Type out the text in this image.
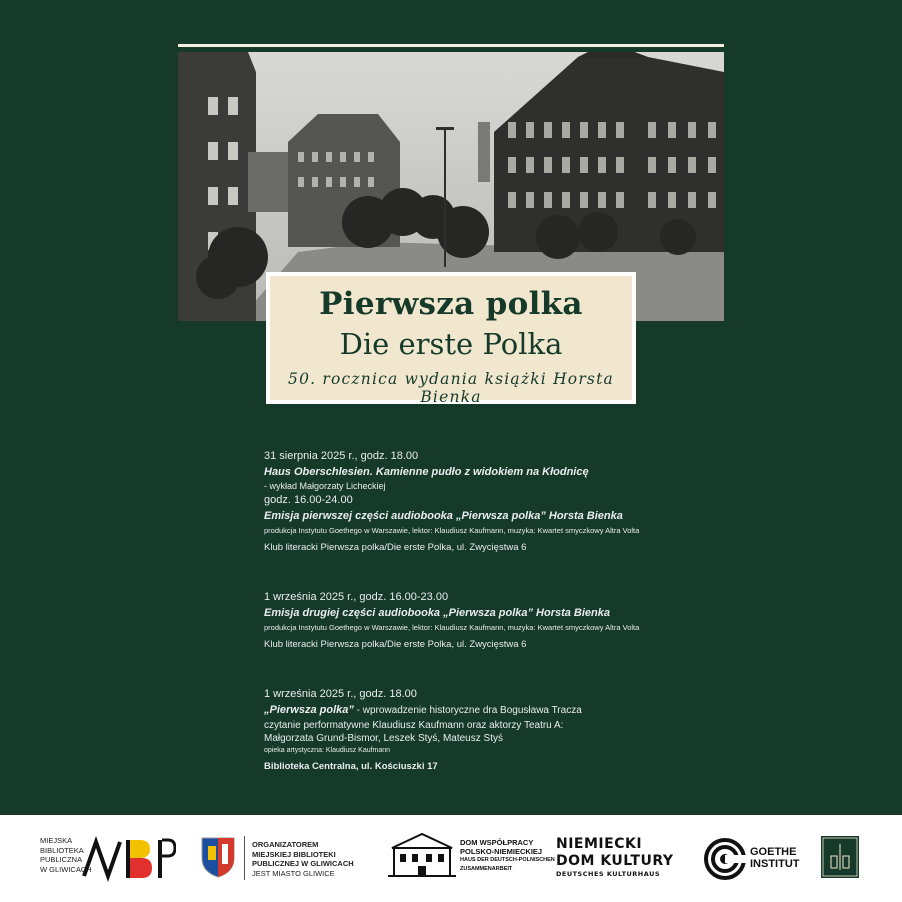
Pierwsza polka
Die erste Polka
50. rocznica wydania książki Horsta Bienka
31 sierpnia 2025 r., godz. 18.00
Haus Oberschlesien. Kamienne pudło z widokiem na Kłodnicę
- wykład Małgorzaty Licheckiej
godz. 16.00-24.00
Emisja pierwszej części audiobooka „Pierwsza polka” Horsta Bienka
produkcja Instytutu Goethego w Warszawie, lektor: Klaudiusz Kaufmann, muzyka: Kwartet smyczkowy Altra Volta
Klub literacki Pierwsza polka/Die erste Polka, ul. Zwycięstwa 6
1 września 2025 r., godz. 16.00-23.00
Emisja drugiej części audiobooka „Pierwsza polka” Horsta Bienka
produkcja Instytutu Goethego w Warszawie, lektor: Klaudiusz Kaufmann, muzyka: Kwartet smyczkowy Altra Volta
Klub literacki Pierwsza polka/Die erste Polka, ul. Zwycięstwa 6
1 września 2025 r., godz. 18.00
„Pierwsza polka” - wprowadzenie historyczne dra Bogusława Tracza
czytanie performatywne Klaudiusz Kaufmann oraz aktorzy Teatru A:
Małgorzata Grund-Bismor, Leszek Styś, Mateusz Styś
opieka artystyczna: Klaudiusz Kaufmann
Biblioteka Centralna, ul. Kościuszki 17
MIEJSKA
BIBLIOTEKA
PUBLICZNA
W GLIWICACH
ORGANIZATOREM
MIEJSKIEJ BIBLIOTEKI
PUBLICZNEJ W GLIWICACH
JEST MIASTO GLIWICE
DOM WSPÓŁPRACY
POLSKO-NIEMIECKIEJ
HAUS DER DEUTSCH-POLNISCHEN
ZUSAMMENARBEIT
NIEMIECKI
DOM KULTURY
DEUTSCHES KULTURHAUS
GOETHE
INSTITUT
